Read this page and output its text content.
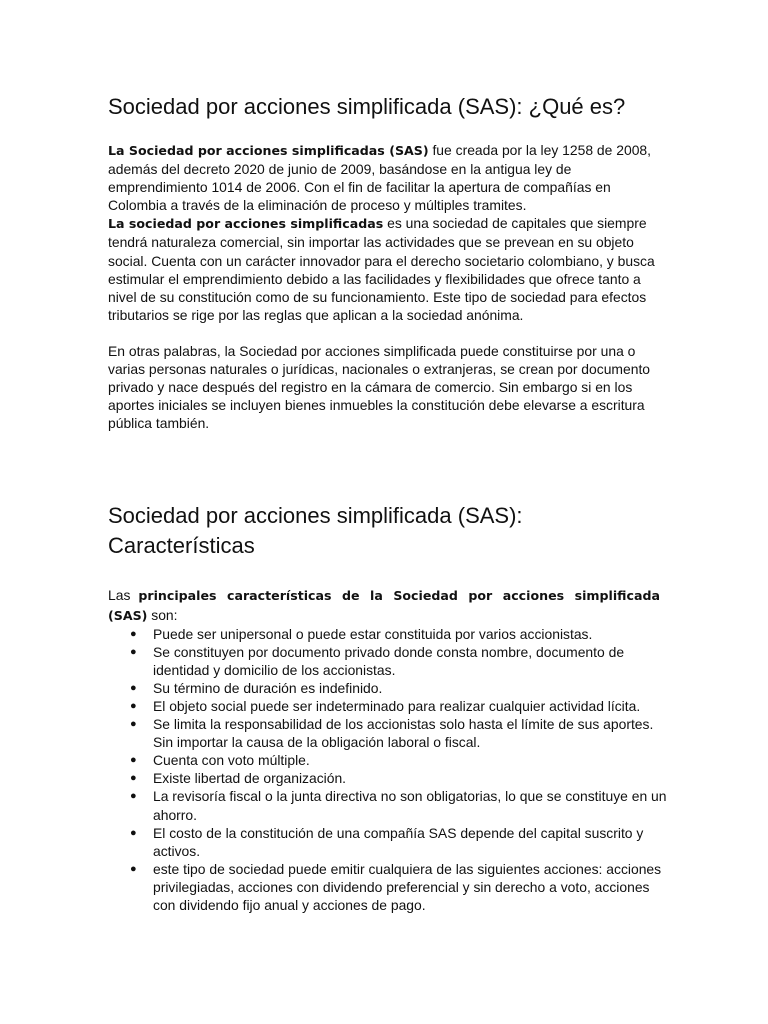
Sociedad por acciones simplificada (SAS): ¿Qué es?

La Sociedad por acciones simplificadas (SAS) fue creada por la ley 1258 de 2008, además del decreto 2020 de junio de 2009, basándose en la antigua ley de emprendimiento 1014 de 2006. Con el fin de facilitar la apertura de compañías en Colombia a través de la eliminación de proceso y múltiples tramites.

La sociedad por acciones simplificadas es una sociedad de capitales que siempre tendrá naturaleza comercial, sin importar las actividades que se prevean en su objeto social. Cuenta con un carácter innovador para el derecho societario colombiano, y busca estimular el emprendimiento debido a las facilidades y flexibilidades que ofrece tanto a nivel de su constitución como de su funcionamiento. Este tipo de sociedad para efectos tributarios se rige por las reglas que aplican a la sociedad anónima.

En otras palabras, la Sociedad por acciones simplificada puede constituirse por una o varias personas naturales o jurídicas, nacionales o extranjeras, se crean por documento privado y nace después del registro en la cámara de comercio. Sin embargo si en los aportes iniciales se incluyen bienes inmuebles la constitución debe elevarse a escritura pública también.

Sociedad por acciones simplificada (SAS): Características

Las principales características de la Sociedad por acciones simplificada (SAS) son:

● Puede ser unipersonal o puede estar constituida por varios accionistas.
● Se constituyen por documento privado donde consta nombre, documento de identidad y domicilio de los accionistas.
● Su término de duración es indefinido.
● El objeto social puede ser indeterminado para realizar cualquier actividad lícita.
● Se limita la responsabilidad de los accionistas solo hasta el límite de sus aportes. Sin importar la causa de la obligación laboral o fiscal.
● Cuenta con voto múltiple.
● Existe libertad de organización.
● La revisoría fiscal o la junta directiva no son obligatorias, lo que se constituye en un ahorro.
● El costo de la constitución de una compañía SAS depende del capital suscrito y activos.
● este tipo de sociedad puede emitir cualquiera de las siguientes acciones: acciones privilegiadas, acciones con dividendo preferencial y sin derecho a voto, acciones con dividendo fijo anual y acciones de pago.
